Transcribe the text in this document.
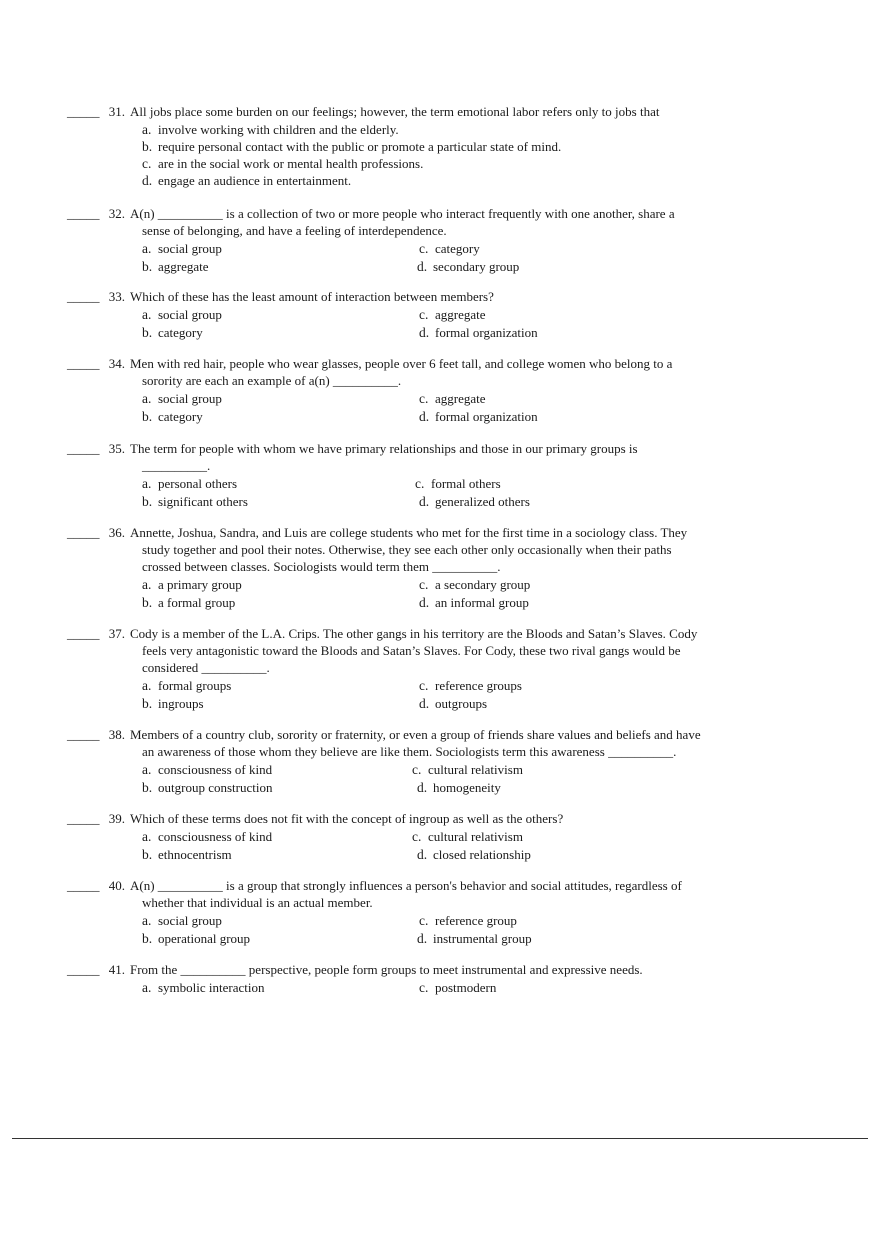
_____ 31. All jobs place some burden on our feelings; however, the term emotional labor refers only to jobs that
a. involve working with children and the elderly.
b. require personal contact with the public or promote a particular state of mind.
c. are in the social work or mental health professions.
d. engage an audience in entertainment.
_____ 32. A(n) __________ is a collection of two or more people who interact frequently with one another, share a
sense of belonging, and have a feeling of interdependence.
a. social group	c. category
b. aggregate	d. secondary group
_____ 33. Which of these has the least amount of interaction between members?
a. social group	c. aggregate
b. category	d. formal organization
_____ 34. Men with red hair, people who wear glasses, people over 6 feet tall, and college women who belong to a
sorority are each an example of a(n) __________.
a. social group	c. aggregate
b. category	d. formal organization
_____ 35. The term for people with whom we have primary relationships and those in our primary groups is
__________.
a. personal others	c. formal others
b. significant others	d. generalized others
_____ 36. Annette, Joshua, Sandra, and Luis are college students who met for the first time in a sociology class. They
study together and pool their notes. Otherwise, they see each other only occasionally when their paths
crossed between classes. Sociologists would term them __________.
a. a primary group	c. a secondary group
b. a formal group	d. an informal group
_____ 37. Cody is a member of the L.A. Crips. The other gangs in his territory are the Bloods and Satan’s Slaves. Cody
feels very antagonistic toward the Bloods and Satan’s Slaves. For Cody, these two rival gangs would be
considered __________.
a. formal groups	c. reference groups
b. ingroups	d. outgroups
_____ 38. Members of a country club, sorority or fraternity, or even a group of friends share values and beliefs and have
an awareness of those whom they believe are like them. Sociologists term this awareness __________.
a. consciousness of kind	c. cultural relativism
b. outgroup construction	d. homogeneity
_____ 39. Which of these terms does not fit with the concept of ingroup as well as the others?
a. consciousness of kind	c. cultural relativism
b. ethnocentrism	d. closed relationship
_____ 40. A(n) __________ is a group that strongly influences a person's behavior and social attitudes, regardless of
whether that individual is an actual member.
a. social group	c. reference group
b. operational group	d. instrumental group
_____ 41. From the __________ perspective, people form groups to meet instrumental and expressive needs.
a. symbolic interaction	c. postmodern
